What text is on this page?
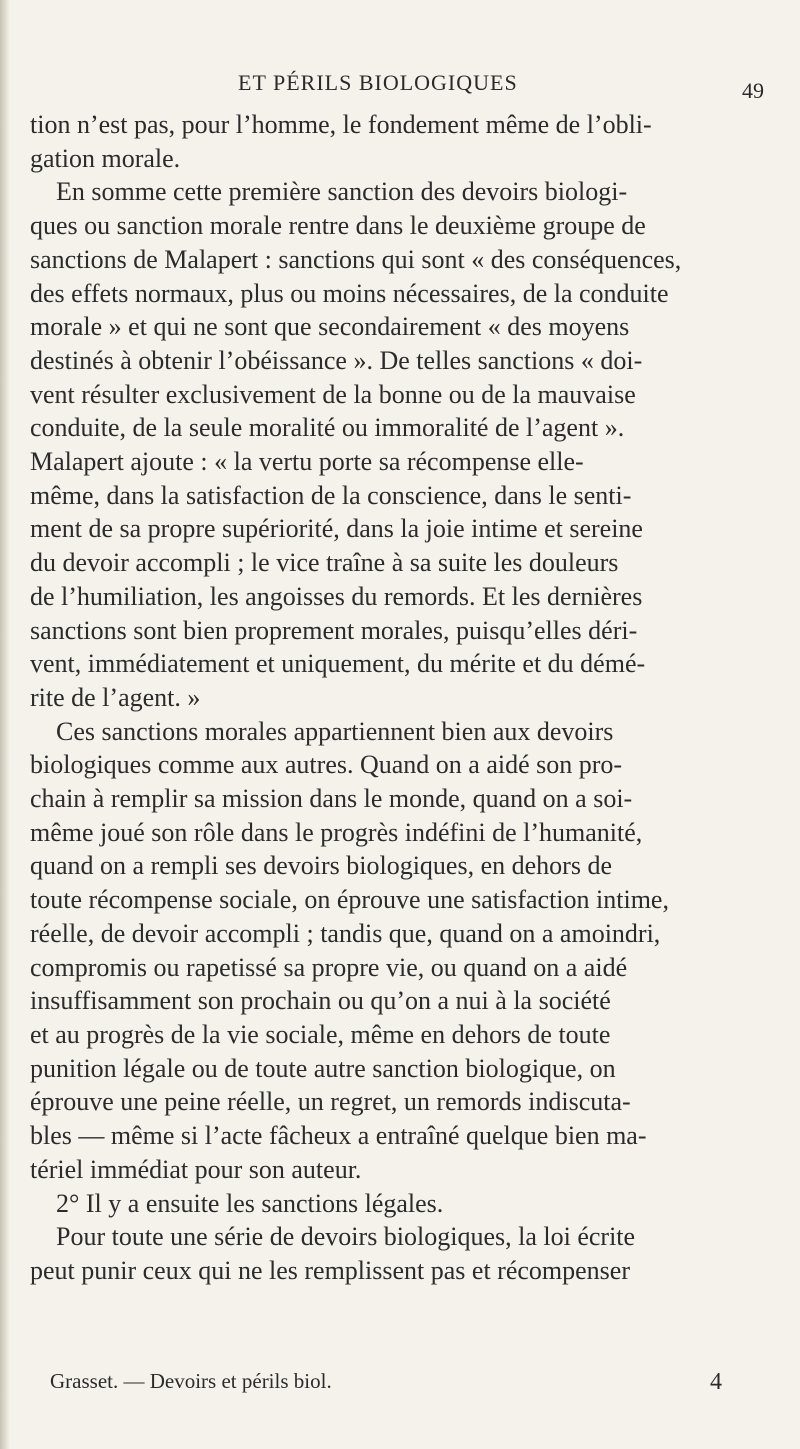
ET PÉRILS BIOLOGIQUES	49
tion n’est pas, pour l’homme, le fondement même de l’obli-
gation morale.
En somme cette première sanction des devoirs biologi-
ques ou sanction morale rentre dans le deuxième groupe de
sanctions de Malapert : sanctions qui sont « des conséquences,
des effets normaux, plus ou moins nécessaires, de la conduite
morale » et qui ne sont que secondairement « des moyens
destinés à obtenir l’obéissance ». De telles sanctions « doi-
vent résulter exclusivement de la bonne ou de la mauvaise
conduite, de la seule moralité ou immoralité de l’agent ».
Malapert ajoute : « la vertu porte sa récompense elle-
même, dans la satisfaction de la conscience, dans le senti-
ment de sa propre supériorité, dans la joie intime et sereine
du devoir accompli ; le vice traîne à sa suite les douleurs
de l’humiliation, les angoisses du remords. Et les dernières
sanctions sont bien proprement morales, puisqu’elles déri-
vent, immédiatement et uniquement, du mérite et du démé-
rite de l’agent. »
Ces sanctions morales appartiennent bien aux devoirs
biologiques comme aux autres. Quand on a aidé son pro-
chain à remplir sa mission dans le monde, quand on a soi-
même joué son rôle dans le progrès indéfini de l’humanité,
quand on a rempli ses devoirs biologiques, en dehors de
toute récompense sociale, on éprouve une satisfaction intime,
réelle, de devoir accompli ; tandis que, quand on a amoindri,
compromis ou rapetissé sa propre vie, ou quand on a aidé
insuffisamment son prochain ou qu’on a nui à la société
et au progrès de la vie sociale, même en dehors de toute
punition légale ou de toute autre sanction biologique, on
éprouve une peine réelle, un regret, un remords indiscuta-
bles — même si l’acte fâcheux a entraîné quelque bien ma-
tériel immédiat pour son auteur.
2° Il y a ensuite les sanctions légales.
Pour toute une série de devoirs biologiques, la loi écrite
peut punir ceux qui ne les remplissent pas et récompenser
Grasset. — Devoirs et périls biol.	4
